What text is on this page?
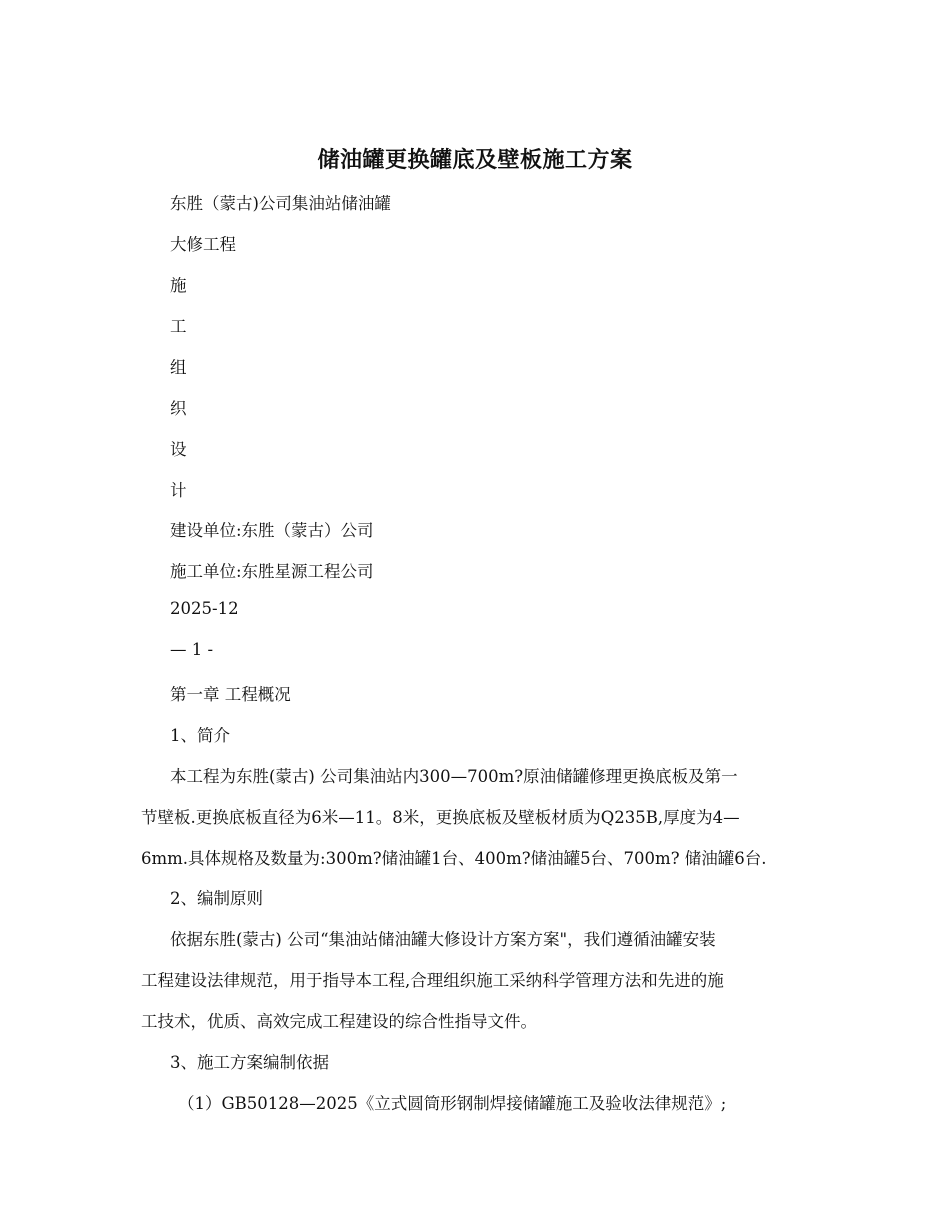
储油罐更换罐底及壁板施工方案
东胜（蒙古)公司集油站储油罐
大修工程
施
工
组
织
设
计
建设单位:东胜（蒙古）公司
施工单位:东胜星源工程公司
2025-12
— 1 -
第一章 工程概况
1、简介
本工程为东胜(蒙古) 公司集油站内300—700m?原油储罐修理更换底板及第一
节壁板.更换底板直径为6米—11。8米，更换底板及壁板材质为Q235B,厚度为4—
6mm.具体规格及数量为:300m?储油罐1台、400m?储油罐5台、700m? 储油罐6台.
2、编制原则
依据东胜(蒙古) 公司“集油站储油罐大修设计方案方案"，我们遵循油罐安装
工程建设法律规范，用于指导本工程,合理组织施工采纳科学管理方法和先进的施
工技术，优质、高效完成工程建设的综合性指导文件。
3、施工方案编制依据
（1）GB50128—2025《立式圆筒形钢制焊接储罐施工及验收法律规范》;
